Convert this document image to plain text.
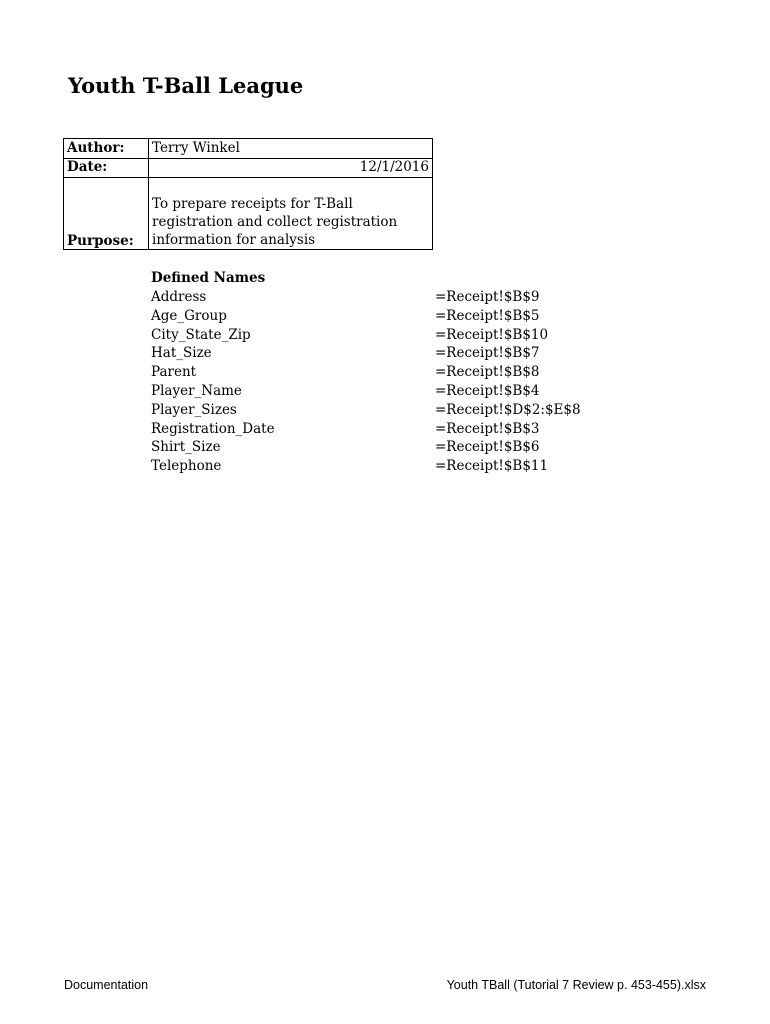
Youth T-Ball League
Author: Terry Winkel
Date:	12/1/2016
Purpose:
To prepare receipts for T-Ball
registration and collect registration
information for analysis
Defined Names
Address	=Receipt!$B$9
Age_Group	=Receipt!$B$5
City_State_Zip	=Receipt!$B$10
Hat_Size	=Receipt!$B$7
Parent	=Receipt!$B$8
Player_Name	=Receipt!$B$4
Player_Sizes	=Receipt!$D$2:$E$8
Registration_Date	=Receipt!$B$3
Shirt_Size	=Receipt!$B$6
Telephone	=Receipt!$B$11
Documentation	Youth TBall (Tutorial 7 Review p. 453-455).xlsx
